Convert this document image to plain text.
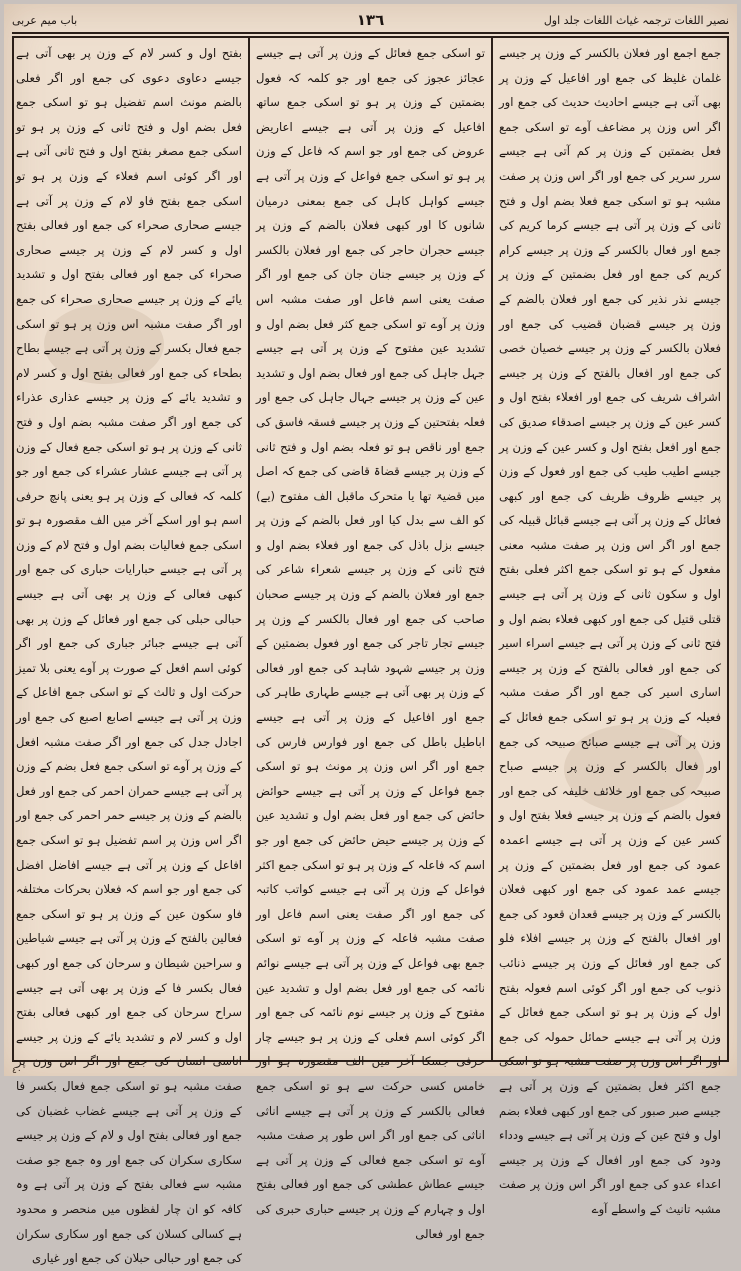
باب میم عربی	١٣٦	نصیر اللغات ترجمہ غیاث اللغات جلد اول

جمع اجمع اور فعلان بالکسر کے وزن پر جیسے غلمان غلیظ کی جمع اور افاعیل کے وزن پر بھی آتی ہے جیسے احادیث حدیث کی جمع اور اگر اس وزن پر مضاعف آوے تو اسکی جمع فعل بضمتین کے وزن پر کم آتی ہے جیسے سرر سریر کی جمع اور اگر اس وزن پر صفت مشبہ ہو تو اسکی جمع فعلا بضم اول و فتح ثانی کے وزن پر آتی ہے جیسے کرما کریم کی جمع اور فعال بالکسر کے وزن پر جیسے کرام کریم کی جمع اور فعل بضمتین کے وزن پر جیسے نذر نذیر کی جمع اور فعلان بالضم کے وزن پر جیسے قضبان قضیب کی جمع اور فعلان بالکسر کے وزن پر جیسے خصیان خصی کی جمع اور افعال بالفتح کے وزن پر جیسے اشراف شریف کی جمع اور افعلاء بفتح اول و کسر عین کے وزن پر جیسے اصدقاء صدیق کی جمع اور افعل بفتح اول و کسر عین کے وزن پر جیسے اطیب طیب کی جمع اور فعول کے وزن پر جیسے ظروف ظریف کی جمع اور کبھی فعائل کے وزن پر آتی ہے جیسے قبائل قبیلہ کی جمع اور اگر اس وزن پر صفت مشبہ معنی مفعول کے ہو تو اسکی جمع اکثر فعلی بفتح اول و سکون ثانی کے وزن پر آتی ہے جیسے قتلی قتیل کی جمع اور کبھی فعلاء بضم اول و فتح ثانی کے وزن پر آتی ہے جیسے اسراء اسیر کی جمع اور فعالی بالفتح کے وزن پر جیسے اساری اسیر کی جمع اور اگر صفت مشبہ فعیلہ کے وزن پر ہو تو اسکی جمع فعائل کے وزن پر آتی ہے جیسے صبائح صبیحہ کی جمع اور فعال بالکسر کے وزن پر جیسے صباح صبیحہ کی جمع اور خلائف خلیفہ کی جمع اور فعول بالضم کے وزن پر جیسے فعلا بفتح اول و کسر عین کے وزن پر آتی ہے جیسے اعمدہ عمود کی جمع اور فعل بضمتین کے وزن پر جیسے عمد عمود کی جمع اور کبھی فعلان بالکسر کے وزن پر جیسے قعدان قعود کی جمع اور افعال بالفتح کے وزن پر جیسے افلاء فلو کی جمع اور فعائل کے وزن پر جیسے ذنائب ذنوب کی جمع اور اگر کوئی اسم فعولہ بفتح اول کے وزن پر ہو تو اسکی جمع فعائل کے وزن پر آتی ہے جیسے حمائل حمولہ کی جمع اور اگر اس وزن پر صفت مشبہ ہو تو اسکی جمع اکثر فعل بضمتین کے وزن پر آتی ہے جیسے صبر صبور کی جمع اور کبھی فعلاء بضم اول و فتح عین کے وزن پر آتی ہے جیسے ودداء ودود کی جمع اور افعال کے وزن پر جیسے اعداء عدو کی جمع اور اگر اس وزن پر صفت مشبہ تانیث کے واسطے آوے

تو اسکی جمع فعائل کے وزن پر آتی ہے جیسے عجائز عجوز کی جمع اور جو کلمہ کہ فعول بضمتین کے وزن پر ہو تو اسکی جمع ساتھ افاعیل کے وزن پر آتی ہے جیسے اعاریض عروض کی جمع اور جو اسم کہ فاعل کے وزن پر ہو تو اسکی جمع فواعل کے وزن پر آتی ہے جیسے کواہل کاہل کی جمع بمعنی درمیان شانوں کا اور کبھی فعلان بالضم کے وزن پر جیسے حجران حاجر کی جمع اور فعلان بالکسر کے وزن پر جیسے جنان جان کی جمع اور اگر صفت یعنی اسم فاعل اور صفت مشبہ اس وزن پر آوے تو اسکی جمع کثر فعل بضم اول و تشدید عین مفتوح کے وزن پر آتی ہے جیسے جہل جاہل کی جمع اور فعال بضم اول و تشدید عین کے وزن پر جیسے جہال جاہل کی جمع اور فعلہ بفتحتین کے وزن پر جیسے فسقہ فاسق کی جمع اور ناقص ہو تو فعلہ بضم اول و فتح ثانی کے وزن پر جیسے قضاۃ قاضی کی جمع کہ اصل میں قضیۃ تھا یا متحرک ماقبل الف مفتوح (یے) کو الف سے بدل کیا اور فعل بالضم کے وزن پر جیسے بزل باذل کی جمع اور فعلاء بضم اول و فتح ثانی کے وزن پر جیسے شعراء شاعر کی جمع اور فعلان بالضم کے وزن پر جیسے صحبان صاحب کی جمع اور فعال بالکسر کے وزن پر جیسے تجار تاجر کی جمع اور فعول بضمتین کے وزن پر جیسے شہود شاہد کی جمع اور فعالی کے وزن پر بھی آتی ہے جیسے طہاری طاہر کی جمع اور افاعیل کے وزن پر آتی ہے جیسے اباطیل باطل کی جمع اور فوارس فارس کی جمع اور اگر اس وزن پر مونث ہو تو اسکی جمع فواعل کے وزن پر آتی ہے جیسے حوائض حائض کی جمع اور فعل بضم اول و تشدید عین کے وزن پر جیسے حیض حائض کی جمع اور جو اسم کہ فاعلہ کے وزن پر ہو تو اسکی جمع اکثر فواعل کے وزن پر آتی ہے جیسے کواتب کاتبہ کی جمع اور اگر صفت یعنی اسم فاعل اور صفت مشبہ فاعلہ کے وزن پر آوے تو اسکی جمع بھی فواعل کے وزن پر آتی ہے جیسے نوائم نائمہ کی جمع اور فعل بضم اول و تشدید عین مفتوح کے وزن پر جیسے نوم نائمہ کی جمع اور اگر کوئی اسم فعلی کے وزن پر ہو جیسے چار حرفی جسکا آخر میں الف مقصورہ ہو اور خامس کسی حرکت سے ہو تو اسکی جمع فعالی بالکسر کے وزن پر آتی ہے جیسے اناثی اناثی کی جمع اور اگر اس طور پر صفت مشبہ آوے تو اسکی جمع فعالی کے وزن پر آتی ہے جیسے عطاش عطشی کی جمع اور فعالی بفتح اول و چہارم کے وزن پر جیسے حباری حبری کی جمع اور فعالی

بفتح اول و کسر لام کے وزن پر بھی آتی ہے جیسے دعاوی دعوی کی جمع اور اگر فعلی بالضم مونث اسم تفضیل ہو تو اسکی جمع فعل بضم اول و فتح ثانی کے وزن پر ہو تو اسکی جمع مصغر بفتح اول و فتح ثانی آتی ہے اور اگر کوئی اسم فعلاء کے وزن پر ہو تو اسکی جمع بفتح فاو لام کے وزن پر آتی ہے جیسے صحاری صحراء کی جمع اور فعالی بفتح اول و کسر لام کے وزن پر جیسے صحاری صحراء کی جمع اور فعالی بفتح اول و تشدید یائے کے وزن پر جیسے صحاری صحراء کی جمع اور اگر صفت مشبہ اس وزن پر ہو تو اسکی جمع فعال بکسر کے وزن پر آتی ہے جیسے بطاح بطحاء کی جمع اور فعالی بفتح اول و کسر لام و تشدید یائے کے وزن پر جیسے عذاری عذراء کی جمع اور اگر صفت مشبہ بضم اول و فتح ثانی کے وزن پر ہو تو اسکی جمع فعال کے وزن پر آتی ہے جیسے عشار عشراء کی جمع اور جو کلمہ کہ فعالی کے وزن پر ہو یعنی پانچ حرفی اسم ہو اور اسکے آخر میں الف مقصورہ ہو تو اسکی جمع فعالیات بضم اول و فتح لام کے وزن پر آتی ہے جیسے حبارایات حباری کی جمع اور کبھی فعالی کے وزن پر بھی آتی ہے جیسے حبالی حبلی کی جمع اور فعائل کے وزن پر بھی آتی ہے جیسے جبائر جباری کی جمع اور اگر کوئی اسم افعل کے صورت پر آوے یعنی بلا تمیز حرکت اول و ثالث کے تو اسکی جمع افاعل کے وزن پر آتی ہے جیسے اصابع اصبع کی جمع اور اجادل جدل کی جمع اور اگر صفت مشبہ افعل کے وزن پر آوے تو اسکی جمع فعل بضم کے وزن پر آتی ہے جیسے حمران احمر کی جمع اور فعل بالضم کے وزن پر جیسے حمر احمر کی جمع اور اگر اس وزن پر اسم تفضیل ہو تو اسکی جمع افاعل کے وزن پر آتی ہے جیسے افاضل افضل کی جمع اور جو اسم کہ فعلان بحرکات مختلفہ فاو سکون عین کے وزن پر ہو تو اسکی جمع فعالین بالفتح کے وزن پر آتی ہے جیسے شیاطین و سراحین شیطان و سرحان کی جمع اور کبھی فعال بکسر فا کے وزن پر بھی آتی ہے جیسے سراح سرحان کی جمع اور کبھی فعالی بفتح اول و کسر لام و تشدید یائے کے وزن پر جیسے اناسی انسان کی جمع اور اگر اس وزن پر صفت مشبہ ہو تو اسکی جمع فعال بکسر فا کے وزن پر آتی ہے جیسے غضاب غضبان کی جمع اور فعالی بفتح اول و لام کے وزن پر جیسے سکاری سکران کی جمع اور وہ جمع جو صفت مشبہ سے فعالی بفتح کے وزن پر آتی ہے وہ کافہ کو ان چار لفظوں میں منحصر و محدود ہے کسالی کسلان کی جمع اور سکاری سکران کی جمع اور حبالی حبلان کی جمع اور غیاری

٤٠
